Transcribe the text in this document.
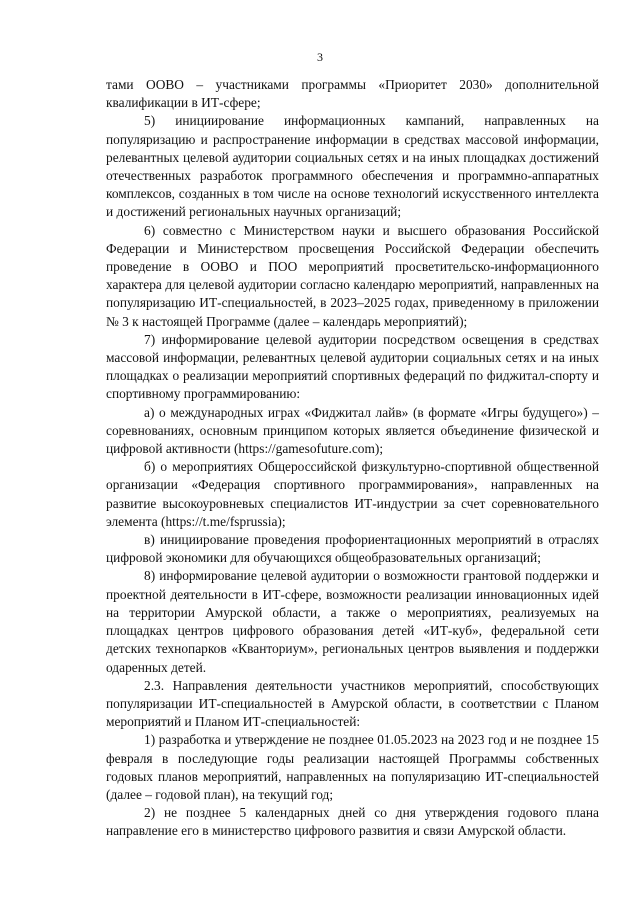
3

тами ООВО – участниками программы «Приоритет 2030» дополнительной квалификации в ИТ-сфере;

5) инициирование информационных кампаний, направленных на популяризацию и распространение информации в средствах массовой информации, релевантных целевой аудитории социальных сетях и на иных площадках достижений отечественных разработок программного обеспечения и программно-аппаратных комплексов, созданных в том числе на основе технологий искусственного интеллекта и достижений региональных научных организаций;

6) совместно с Министерством науки и высшего образования Российской Федерации и Министерством просвещения Российской Федерации обеспечить проведение в ООВО и ПОО мероприятий просветительско-информационного характера для целевой аудитории согласно календарю мероприятий, направленных на популяризацию ИТ-специальностей, в 2023–2025 годах, приведенному в приложении № 3 к настоящей Программе (далее – календарь мероприятий);

7) информирование целевой аудитории посредством освещения в средствах массовой информации, релевантных целевой аудитории социальных сетях и на иных площадках о реализации мероприятий спортивных федераций по фиджитал-спорту и спортивному программированию:

а) о международных играх «Фиджитал лайв» (в формате «Игры будущего») – соревнованиях, основным принципом которых является объединение физической и цифровой активности (https://gamesofuture.com);

б) о мероприятиях Общероссийской физкультурно-спортивной общественной организации «Федерация спортивного программирования», направленных на развитие высокоуровневых специалистов ИТ-индустрии за счет соревновательного элемента (https://t.me/fsprussia);

в) инициирование проведения профориентационных мероприятий в отраслях цифровой экономики для обучающихся общеобразовательных организаций;

8) информирование целевой аудитории о возможности грантовой поддержки и проектной деятельности в ИТ-сфере, возможности реализации инновационных идей на территории Амурской области, а также о мероприятиях, реализуемых на площадках центров цифрового образования детей «ИТ-куб», федеральной сети детских технопарков «Кванториум», региональных центров выявления и поддержки одаренных детей.

2.3. Направления деятельности участников мероприятий, способствующих популяризации ИТ-специальностей в Амурской области, в соответствии с Планом мероприятий и Планом ИТ-специальностей:

1) разработка и утверждение не позднее 01.05.2023 на 2023 год и не позднее 15 февраля в последующие годы реализации настоящей Программы собственных годовых планов мероприятий, направленных на популяризацию ИТ-специальностей (далее – годовой план), на текущий год;

2) не позднее 5 календарных дней со дня утверждения годового плана направление его в министерство цифрового развития и связи Амурской области.
